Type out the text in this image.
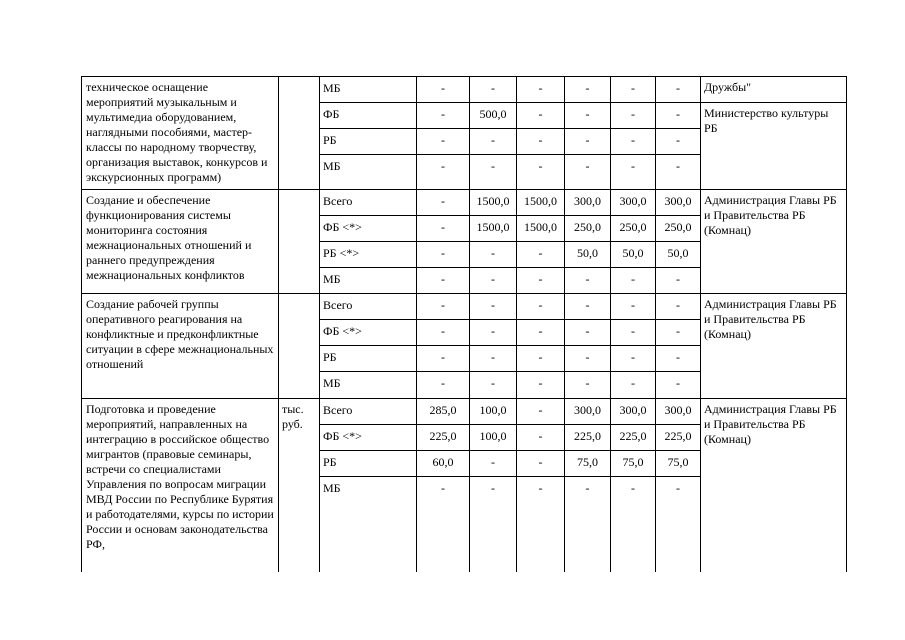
техническое оснащение мероприятий музыкальным и мультимедиа оборудованием, наглядными пособиями, мастер-классы по народному творчеству, организация выставок, конкурсов и экскурсионных программ)		МБ	-	-	-	-	-	-	Дружбы"
		ФБ	-	500,0	-	-	-	-	Министерство культуры РБ
		РБ	-	-	-	-	-	-	
		МБ	-	-	-	-	-	-	
Создание и обеспечение функционирования системы мониторинга состояния межнациональных отношений и раннего предупреждения межнациональных конфликтов		Всего	-	1500,0	1500,0	300,0	300,0	300,0	Администрация Главы РБ и Правительства РБ (Комнац)
		ФБ <*>	-	1500,0	1500,0	250,0	250,0	250,0	
		РБ <*>	-	-	-	50,0	50,0	50,0	
		МБ	-	-	-	-	-	-	
Создание рабочей группы оперативного реагирования на конфликтные и предконфликтные ситуации в сфере межнациональных отношений		Всего	-	-	-	-	-	-	Администрация Главы РБ и Правительства РБ (Комнац)
		ФБ <*>	-	-	-	-	-	-	
		РБ	-	-	-	-	-	-	
		МБ	-	-	-	-	-	-	
Подготовка и проведение мероприятий, направленных на интеграцию в российское общество мигрантов (правовые семинары, встречи со специалистами Управления по вопросам миграции МВД России по Республике Бурятия и работодателями, курсы по истории России и основам законодательства РФ,	тыс. руб.	Всего	285,0	100,0	-	300,0	300,0	300,0	Администрация Главы РБ и Правительства РБ (Комнац)
		ФБ <*>	225,0	100,0	-	225,0	225,0	225,0	
		РБ	60,0	-	-	75,0	75,0	75,0	
		МБ	-	-	-	-	-	-	
